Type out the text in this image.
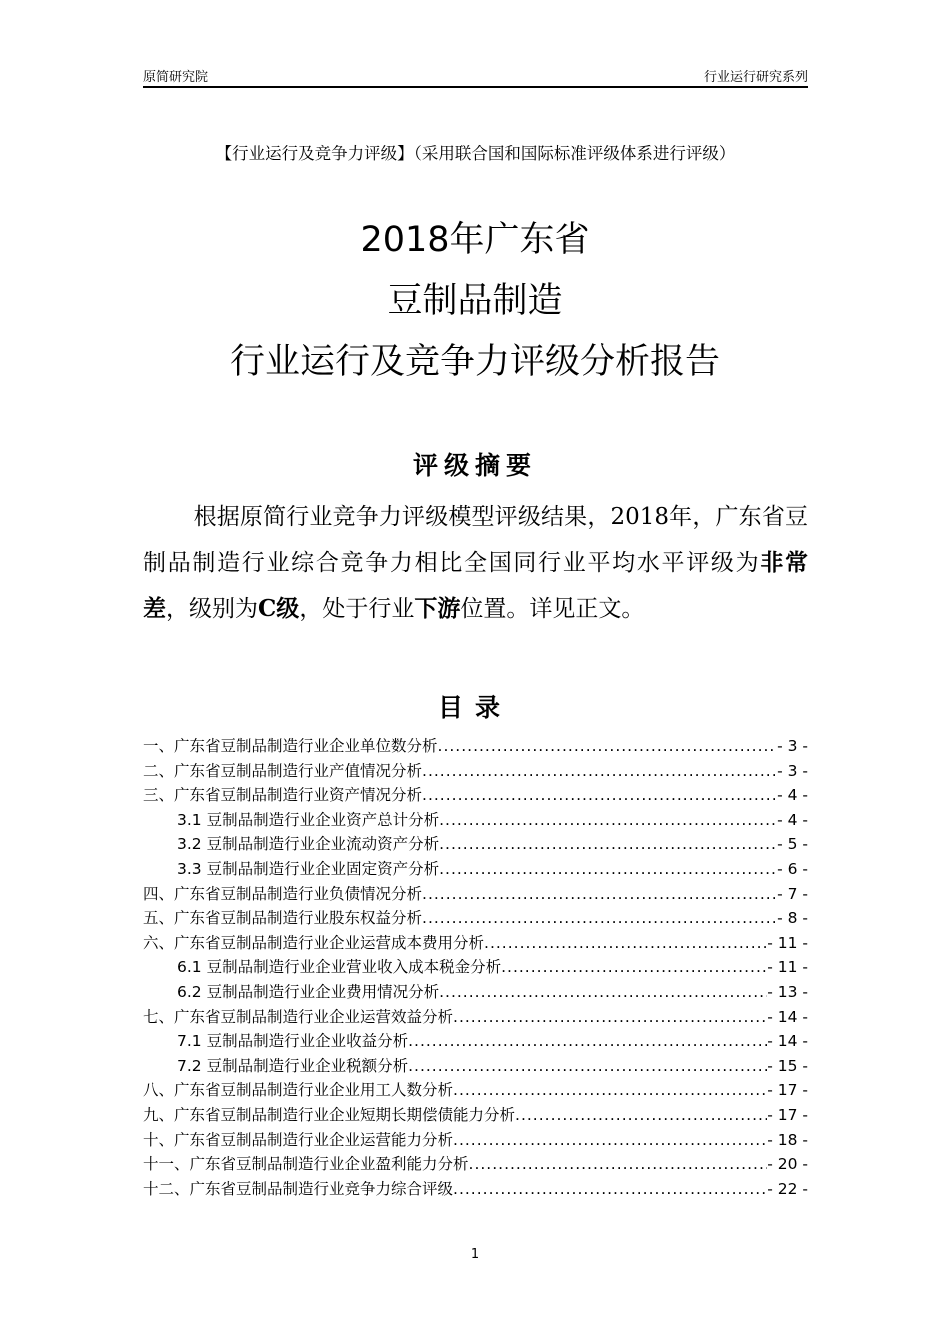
原简研究院	行业运行研究系列
【行业运行及竞争力评级】（采用联合国和国际标准评级体系进行评级）
2018年广东省
豆制品制造
行业运行及竞争力评级分析报告
评级摘要
根据原简行业竞争力评级模型评级结果，2018年，广东省豆制品制造行业综合竞争力相比全国同行业平均水平评级为非常差，级别为C级，处于行业下游位置。详见正文。
目录
一、广东省豆制品制造行业企业单位数分析 .....	- 3 -
二、广东省豆制品制造行业产值情况分析 .....	- 3 -
三、广东省豆制品制造行业资产情况分析 .....	- 4 -
3.1 豆制品制造行业企业资产总计分析 .....	- 4 -
3.2 豆制品制造行业企业流动资产分析 .....	- 5 -
3.3 豆制品制造行业企业固定资产分析 .....	- 6 -
四、广东省豆制品制造行业负债情况分析 .....	- 7 -
五、广东省豆制品制造行业股东权益分析 .....	- 8 -
六、广东省豆制品制造行业企业运营成本费用分析 .....	- 11 -
6.1 豆制品制造行业企业营业收入成本税金分析 .....	- 11 -
6.2 豆制品制造行业企业费用情况分析 .....	- 13 -
七、广东省豆制品制造行业企业运营效益分析 .....	- 14 -
7.1 豆制品制造行业企业收益分析 .....	- 14 -
7.2 豆制品制造行业企业税额分析 .....	- 15 -
八、广东省豆制品制造行业企业用工人数分析 .....	- 17 -
九、广东省豆制品制造行业企业短期长期偿债能力分析 .....	- 17 -
十、广东省豆制品制造行业企业运营能力分析 .....	- 18 -
十一、广东省豆制品制造行业企业盈利能力分析 .....	- 20 -
十二、广东省豆制品制造行业竞争力综合评级 .....	- 22 -
1
